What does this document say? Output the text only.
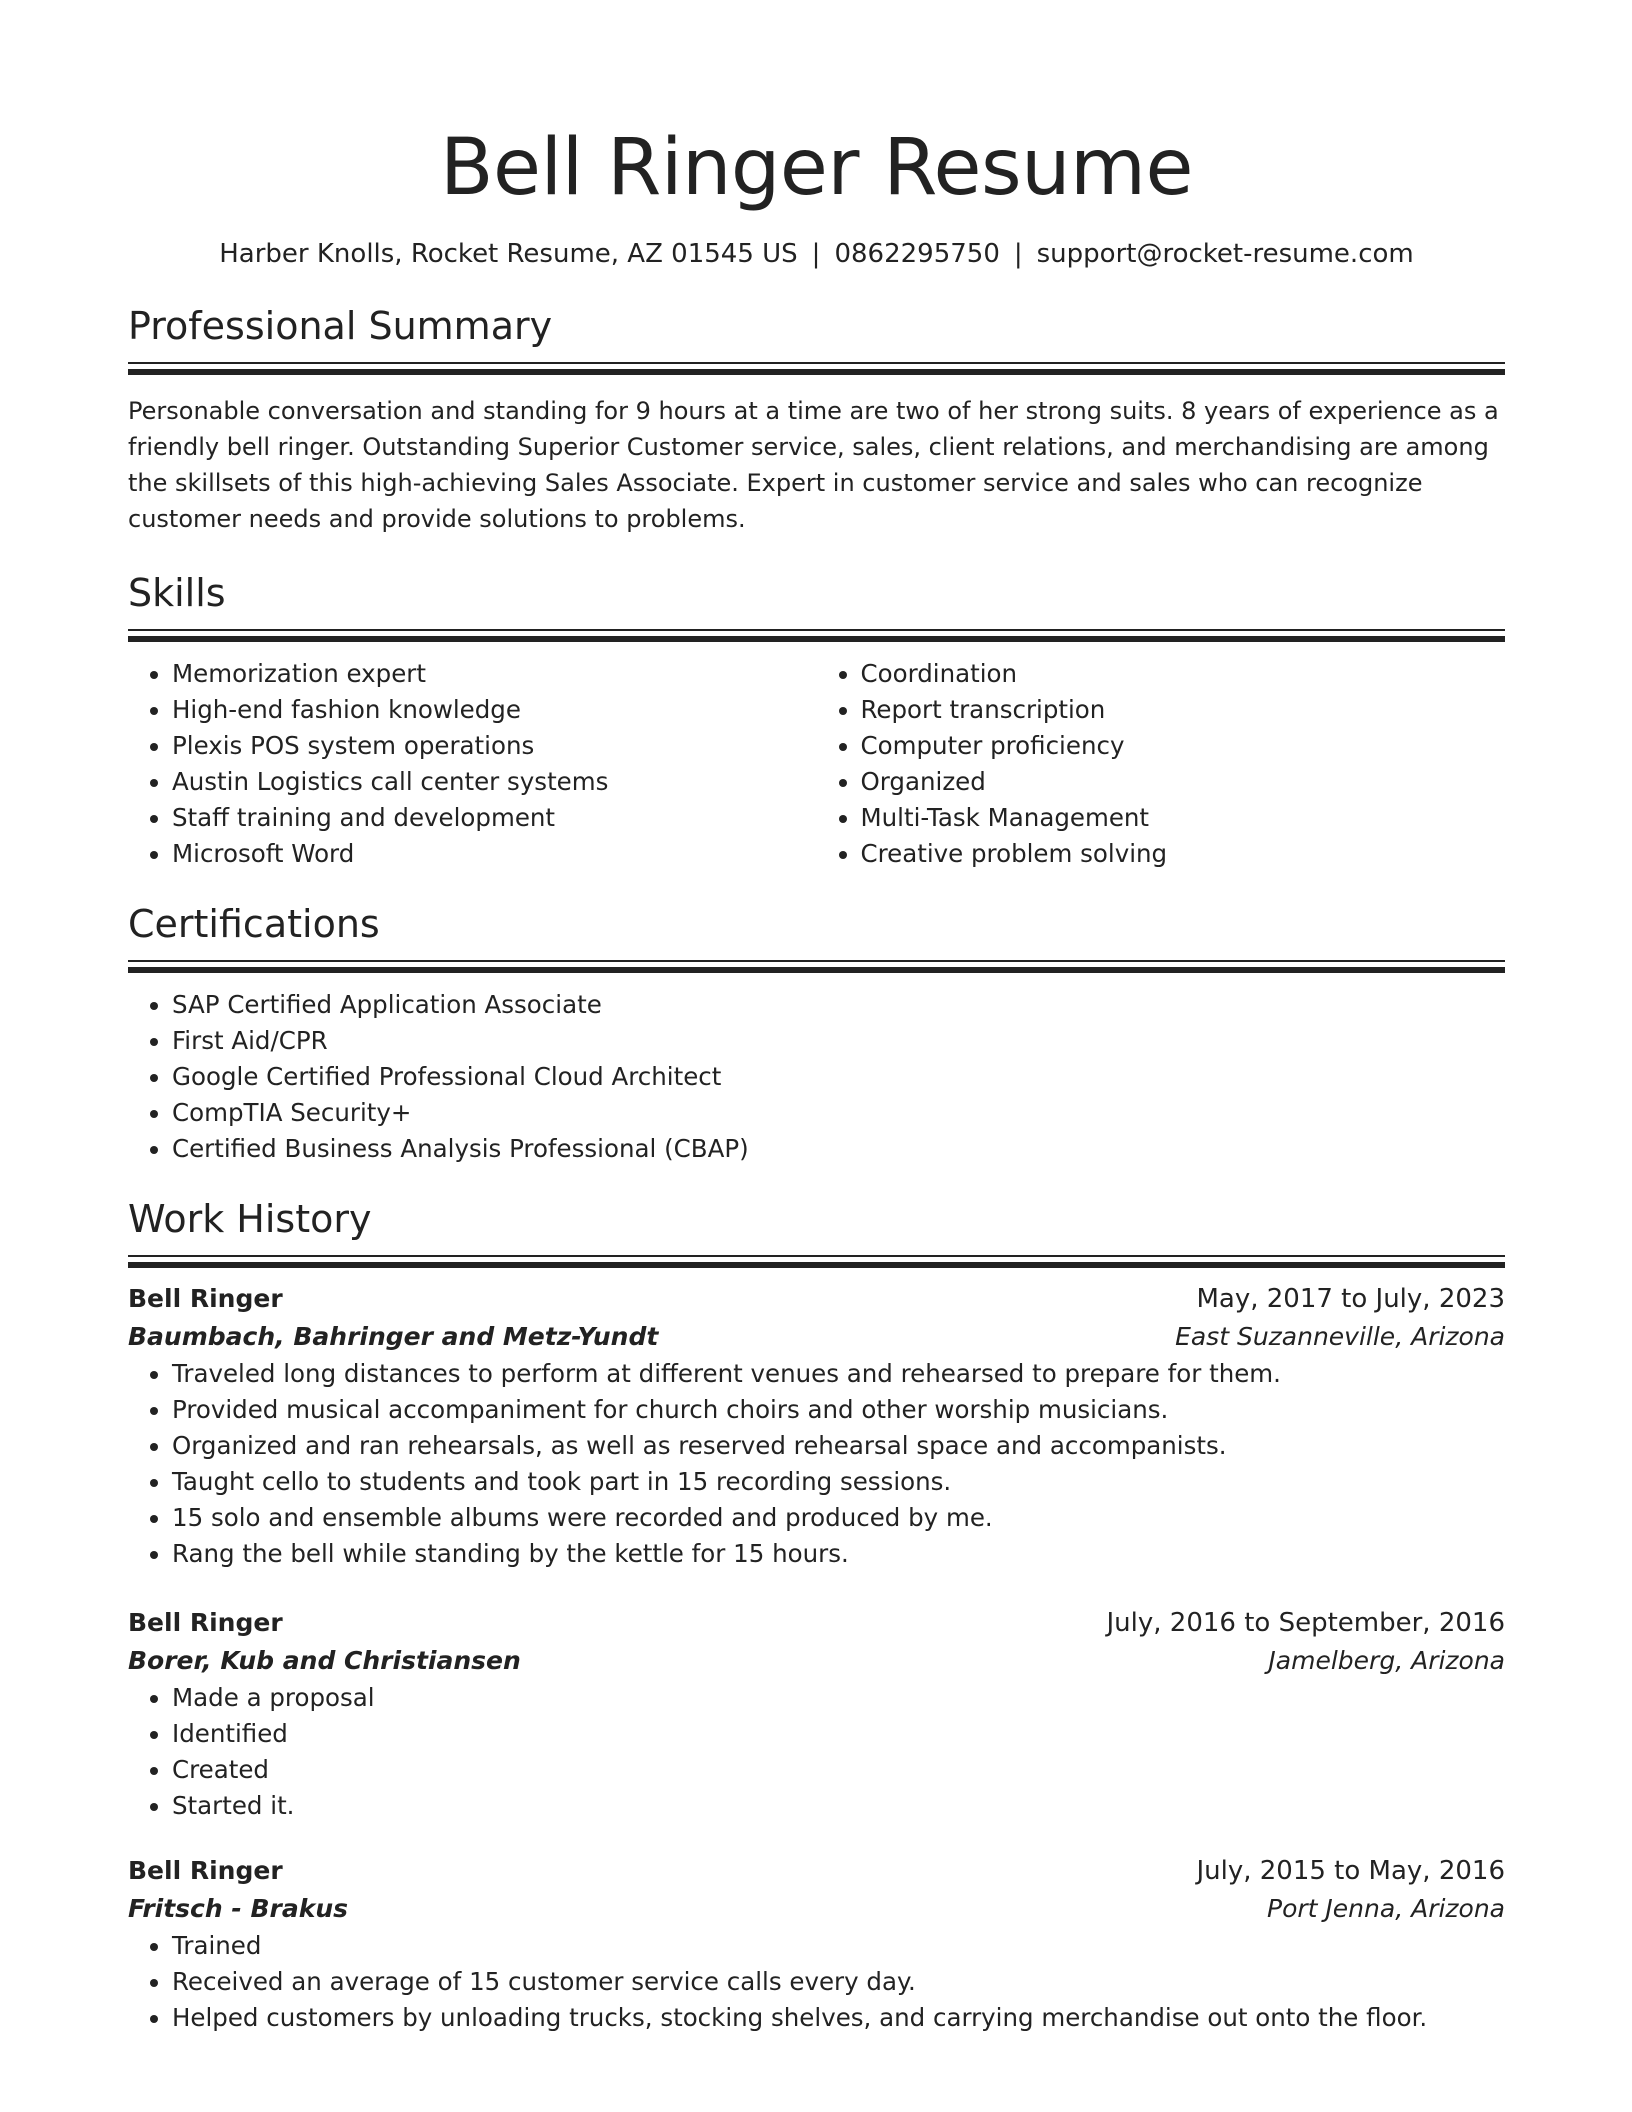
Bell Ringer Resume
Harber Knolls, Rocket Resume, AZ 01545 US | 0862295750 | support@rocket-resume.com
Professional Summary
Personable conversation and standing for 9 hours at a time are two of her strong suits. 8 years of experience as a friendly bell ringer. Outstanding Superior Customer service, sales, client relations, and merchandising are among the skillsets of this high-achieving Sales Associate. Expert in customer service and sales who can recognize customer needs and provide solutions to problems.
Skills
• Memorization expert
• High-end fashion knowledge
• Plexis POS system operations
• Austin Logistics call center systems
• Staff training and development
• Microsoft Word
• Coordination
• Report transcription
• Computer proficiency
• Organized
• Multi-Task Management
• Creative problem solving
Certifications
• SAP Certified Application Associate
• First Aid/CPR
• Google Certified Professional Cloud Architect
• CompTIA Security+
• Certified Business Analysis Professional (CBAP)
Work History
Bell Ringer	May, 2017 to July, 2023
Baumbach, Bahringer and Metz-Yundt	East Suzanneville, Arizona
• Traveled long distances to perform at different venues and rehearsed to prepare for them.
• Provided musical accompaniment for church choirs and other worship musicians.
• Organized and ran rehearsals, as well as reserved rehearsal space and accompanists.
• Taught cello to students and took part in 15 recording sessions.
• 15 solo and ensemble albums were recorded and produced by me.
• Rang the bell while standing by the kettle for 15 hours.
Bell Ringer	July, 2016 to September, 2016
Borer, Kub and Christiansen	Jamelberg, Arizona
• Made a proposal
• Identified
• Created
• Started it.
Bell Ringer	July, 2015 to May, 2016
Fritsch - Brakus	Port Jenna, Arizona
• Trained
• Received an average of 15 customer service calls every day.
• Helped customers by unloading trucks, stocking shelves, and carrying merchandise out onto the floor.
